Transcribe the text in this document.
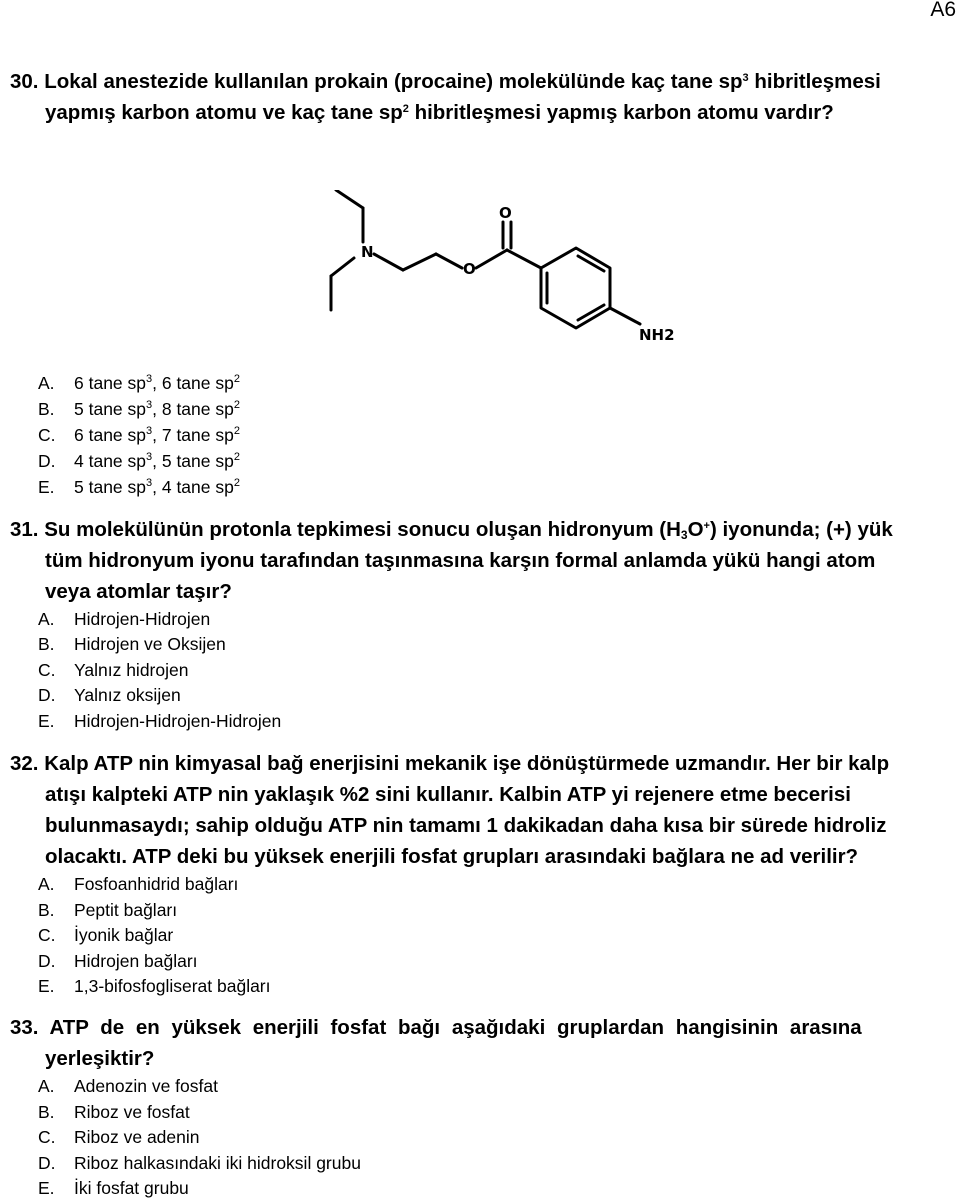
A6
30. Lokal anestezide kullanılan prokain (procaine) molekülünde kaç tane $sp^3$ hibritleşmesi
yapmış karbon atomu ve kaç tane $sp^2$ hibritleşmesi yapmış karbon atomu vardır?
N
O
O
NH2
A. 6 tane $sp^3$, 6 tane $sp^2$
B. 5 tane $sp^3$, 8 tane $sp^2$
C. 6 tane $sp^3$, 7 tane $sp^2$
D. 4 tane $sp^3$, 5 tane $sp^2$
E. 5 tane $sp^3$, 4 tane $sp^2$
31. Su molekülünün protonla tepkimesi sonucu oluşan hidronyum $(H_3O^+)$ iyonunda; (+) yük
tüm hidronyum iyonu tarafından taşınmasına karşın formal anlamda yükü hangi atom
veya atomlar taşır?
A. Hidrojen-Hidrojen
B. Hidrojen ve Oksijen
C. Yalnız hidrojen
D. Yalnız oksijen
E. Hidrojen-Hidrojen-Hidrojen
32. Kalp ATP nin kimyasal bağ enerjisini mekanik işe dönüştürmede uzmandır. Her bir kalp
atışı kalpteki ATP nin yaklaşık %2 sini kullanır. Kalbin ATP yi rejenere etme becerisi
bulunmasaydı; sahip olduğu ATP nin tamamı 1 dakikadan daha kısa bir sürede hidroliz
olacaktı. ATP deki bu yüksek enerjili fosfat grupları arasındaki bağlara ne ad verilir?
A. Fosfoanhidrid bağları
B. Peptit bağları
C. İyonik bağlar
D. Hidrojen bağları
E. 1,3-bifosfogliserat bağları
33. ATP de en yüksek enerjili fosfat bağı aşağıdaki gruplardan hangisinin arasına
yerleşiktir?
A. Adenozin ve fosfat
B. Riboz ve fosfat
C. Riboz ve adenin
D. Riboz halkasındaki iki hidroksil grubu
E. İki fosfat grubu
